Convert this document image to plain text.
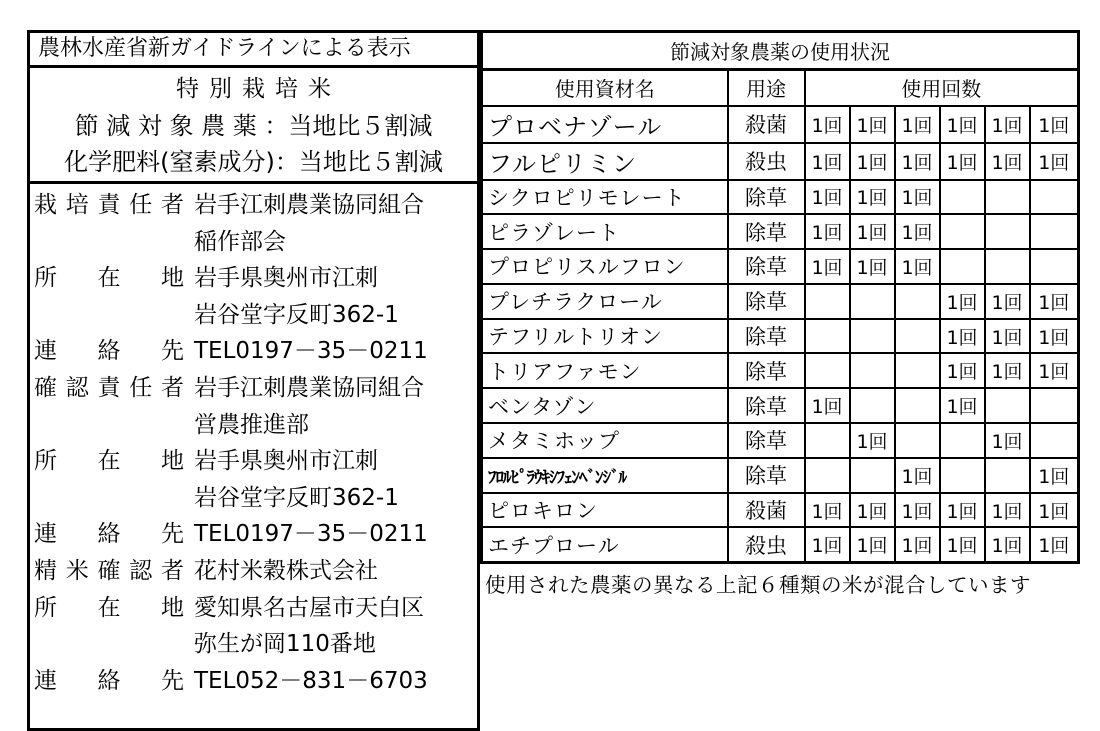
農林水産省新ガイドラインによる表示
特別栽培米
節 減 対 象 農 薬 ：当地比５割減
化学肥料(窒素成分)：当地比５割減
栽 培 責 任 者 岩手江刺農業協同組合
稲作部会
所 在 地 岩手県奥州市江刺
岩谷堂字反町362-1
連 絡 先 TEL0197－35－0211
確 認 責 任 者 岩手江刺農業協同組合
営農推進部
所 在 地 岩手県奥州市江刺
岩谷堂字反町362-1
連 絡 先 TEL0197－35－0211
精 米 確 認 者 花村米穀株式会社
所 在 地 愛知県名古屋市天白区
弥生が岡110番地
連 絡 先 TEL052－831－6703
節減対象農薬の使用状況							
使用資材名	用途	使用回数					
プロベナゾール	殺菌	1回	1回	1回	1回	1回	1回
フルピリミン	殺虫	1回	1回	1回	1回	1回	1回
シクロピリモレート	除草	1回	1回	1回			
ピラゾレート	除草	1回	1回	1回			
プロピリスルフロン	除草	1回	1回	1回			
プレチラクロール	除草				1回	1回	1回
テフリルトリオン	除草				1回	1回	1回
トリアファモン	除草				1回	1回	1回
ベンタゾン	除草	1回			1回		
メタミホップ	除草		1回			1回	
ﾌﾛﾙﾋﾟﾗｳｷｼﾌｪﾝﾍﾞﾝｼﾞﾙ	除草			1回			1回
ピロキロン	殺菌	1回	1回	1回	1回	1回	1回
エチプロール	殺虫	1回	1回	1回	1回	1回	1回
使用された農薬の異なる上記６種類の米が混合しています
